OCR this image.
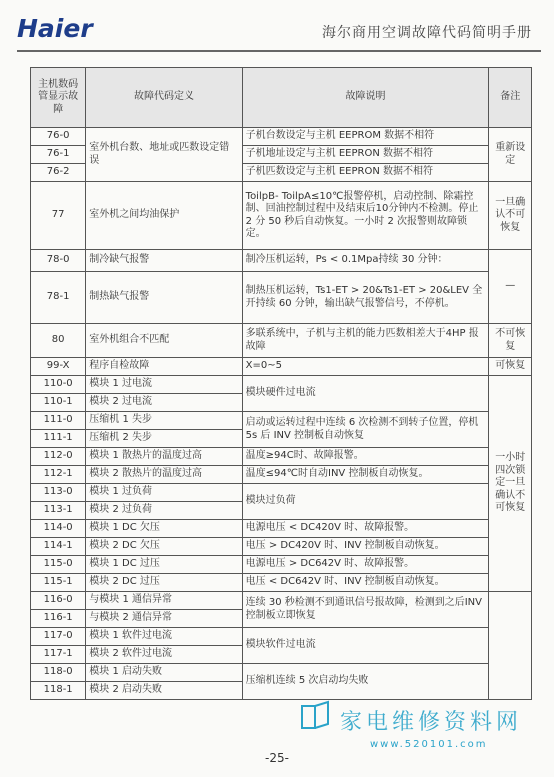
Haier	海尔商用空调故障代码简明手册
主机数码管显示故障	故障代码定义	故障说明	备注
76-0	室外机台数、地址或匹数设定错误	子机台数设定与主机 EEPROM 数据不相符	重新设定
76-1		子机地址设定与主机 EEPRON 数据不相符	
76-2		子机匹数设定与主机 EEPRON 数据不相符	
77	室外机之间均油保护	ToilpB- ToilpA≤10℃报警停机，启动控制、除霜控制、回油控制过程中及结束后10分钟内不检测。停止 2 分 50 秒后自动恢复。一小时 2 次报警则故障锁定。	一旦确认不可恢复
78-0	制冷缺气报警	制冷压机运转，Ps < 0.1Mpa持续 30 分钟：	—
78-1	制热缺气报警	制热压机运转，Ts1-ET > 20&Ts1-ET > 20&LEV 全开持续 60 分钟，输出缺气报警信号，不停机。	
80	室外机组合不匹配	多联系统中，子机与主机的能力匹数相差大于4HP 报故障	不可恢复
99-X	程序自检故障	X=0~5	可恢复
110-0	模块 1 过电流	模块硬件过电流	一小时四次锁定一旦确认不可恢复
110-1	模块 2 过电流		
111-0	压缩机 1 失步	启动或运转过程中连续 6 次检测不到转子位置，停机 5s 后 INV 控制板自动恢复	
111-1	压缩机 2 失步		
112-0	模块 1 散热片的温度过高	温度≥94C时、故障报警。	
112-1	模块 2 散热片的温度过高	温度≤94℃时自动INV 控制板自动恢复。	
113-0	模块 1 过负荷	模块过负荷	
113-1	模块 2 过负荷		
114-0	模块 1 DC 欠压	电源电压 < DC420V 时、故障报警。	
114-1	模块 2 DC 欠压	电压 > DC420V 时、INV 控制板自动恢复。	
115-0	模块 1 DC 过压	电源电压 > DC642V 时、故障报警。	
115-1	模块 2 DC 过压	电压 < DC642V 时、INV 控制板自动恢复。	
116-0	与模块 1 通信异常	连续 30 秒检测不到通讯信号报故障，检测到之后INV 控制板立即恢复	
116-1	与模块 2 通信异常		
117-0	模块 1 软件过电流	模块软件过电流	
117-1	模块 2 软件过电流		
118-0	模块 1 启动失败	压缩机连续 5 次启动均失败	
118-1	模块 2 启动失败		
家电维修资料网
www.520101.com
-25-
